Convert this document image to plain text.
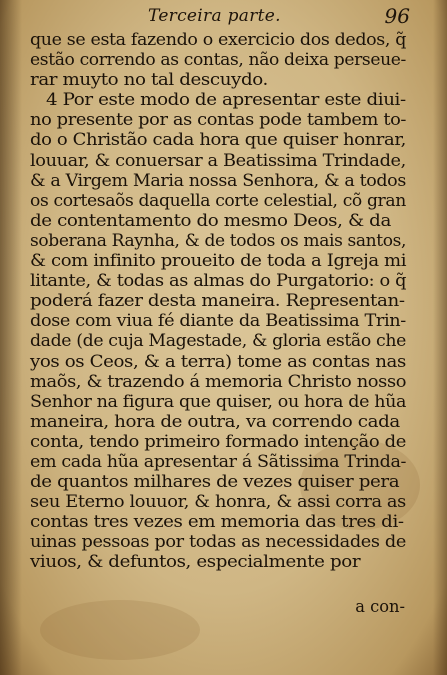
Terceira parte.	96
que se esta fazendo o exercicio dos dedos, q̃
estão correndo as contas, não deixa perseue-
rar muyto no tal descuydo.
4 Por este modo de apresentar este diui-
no presente por as contas pode tambem to-
do o Christão cada hora que quiser honrar,
louuar, & conuersar a Beatissima Trindade,
& a Virgem Maria nossa Senhora, & a todos
os cortesaõs daquella corte celestial, cõ gran
de contentamento do mesmo Deos, & da
soberana Raynha, & de todos os mais santos,
& com infinito proueito de toda a Igreja mi
litante, & todas as almas do Purgatorio: o q̃
poderá fazer desta maneira. Representan-
dose com viua fé diante da Beatissima Trin-
dade (de cuja Magestade, & gloria estão che
yos os Ceos, & a terra) tome as contas nas
maõs, & trazendo á memoria Christo nosso
Senhor na figura que quiser, ou hora de hũa
maneira, hora de outra, va correndo cada
conta, tendo primeiro formado intenção de
em cada hũa apresentar á Sãtissima Trinda-
de quantos milhares de vezes quiser pera
seu Eterno louuor, & honra, & assi corra as
contas tres vezes em memoria das tres di-
uinas pessoas por todas as necessidades de
viuos, & defuntos, especialmente por
a con-
